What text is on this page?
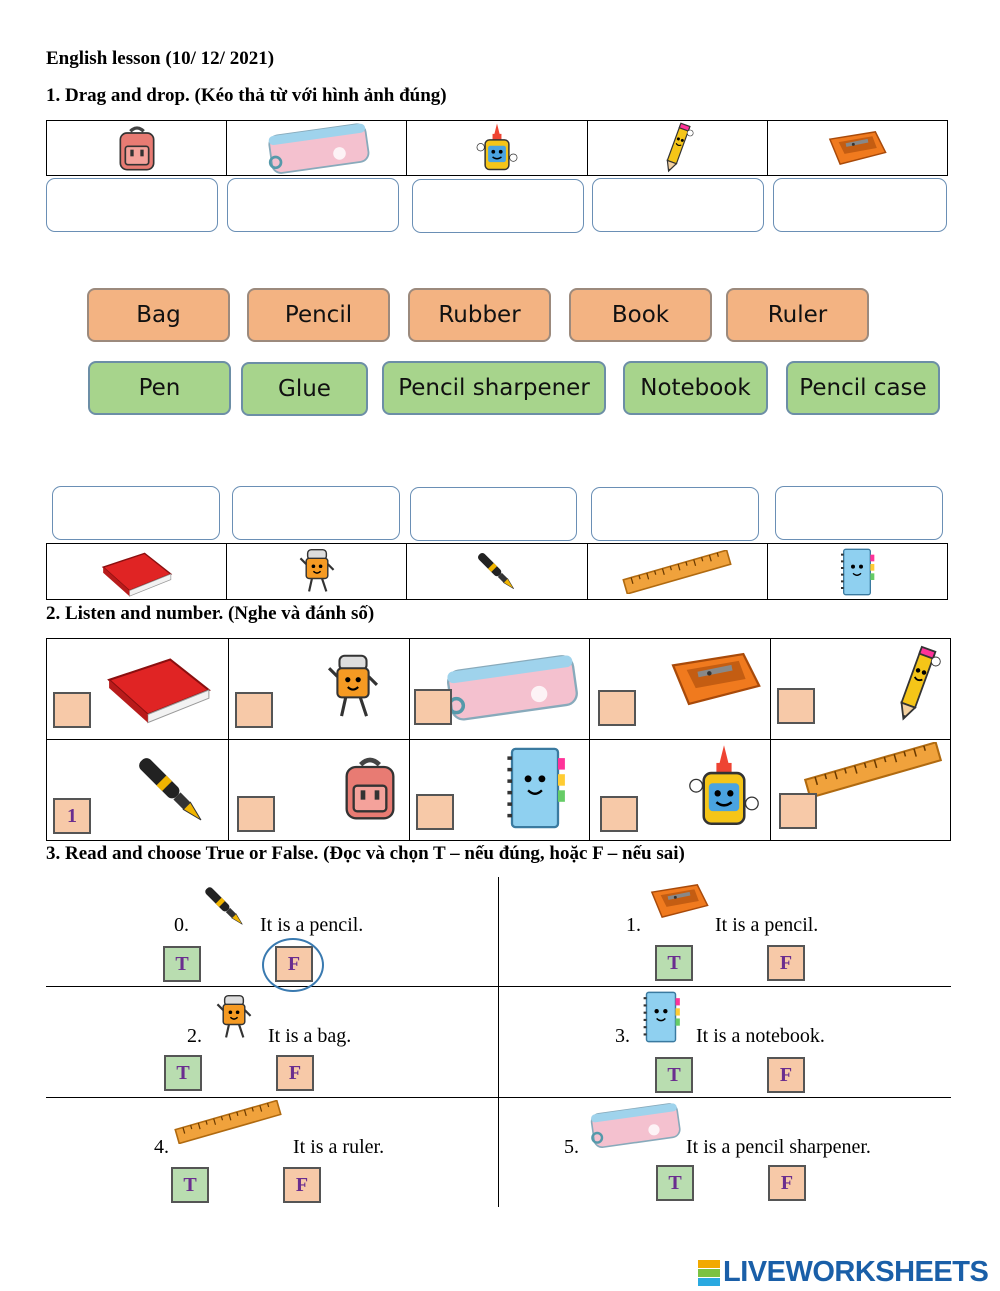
English lesson (10/ 12/ 2021)
1. Drag and drop. (Kéo thả từ với hình ảnh đúng)
Bag	Pencil	Rubber	Book	Ruler
Pen	Glue	Pencil sharpener	Notebook	Pencil case
2. Listen and number. (Nghe và đánh số)
1
3. Read and choose True or False. (Đọc và chọn T – nếu đúng, hoặc F – nếu sai)
0.	It is a pencil.
T	F
1.	It is a pencil.
T	F
2.	It is a bag.
T	F
3.	It is a notebook.
T	F
4.	It is a ruler.
T	F
5.	It is a pencil sharpener.
T	F
LIVEWORKSHEETS
